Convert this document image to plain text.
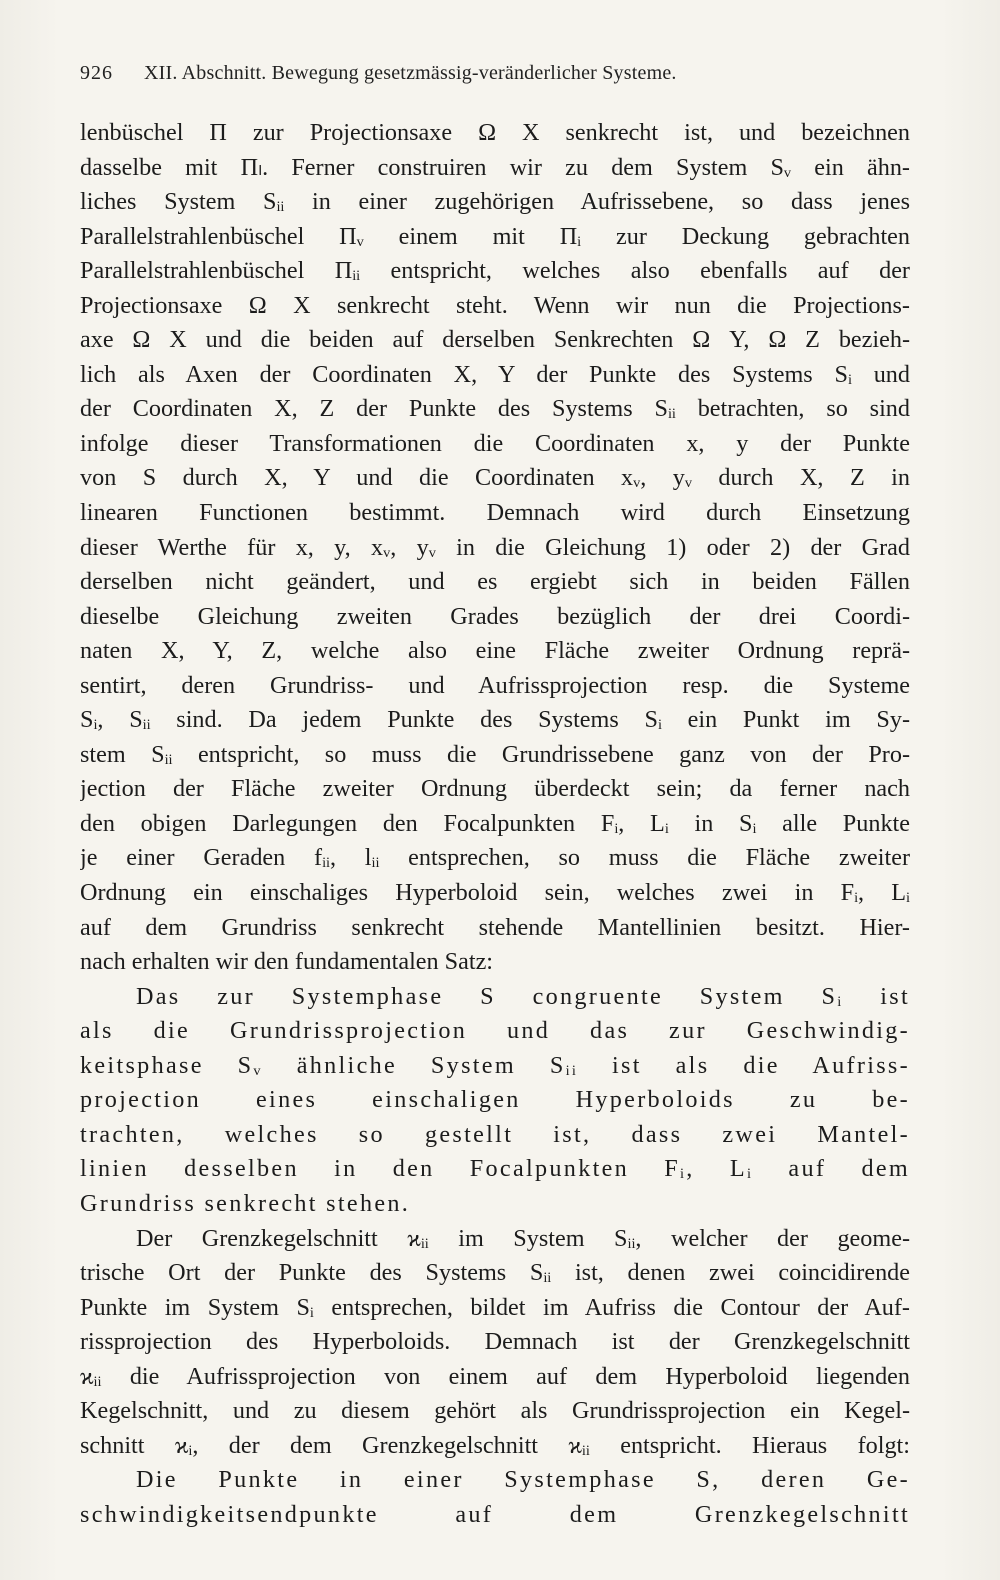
926 XII. Abschnitt. Bewegung gesetzmässig-veränderlicher Systeme.
lenbüschel Π zur Projectionsaxe Ω X senkrecht ist, und bezeichnen
dasselbe mit Πₗ. Ferner construiren wir zu dem System Sᵥ ein ähn-
liches System Sᵢᵢ in einer zugehörigen Aufrissebene, so dass jenes
Parallelstrahlenbüschel Πᵥ einem mit Πᵢ zur Deckung gebrachten
Parallelstrahlenbüschel Πᵢᵢ entspricht, welches also ebenfalls auf der
Projectionsaxe Ω X senkrecht steht. Wenn wir nun die Projections-
axe Ω X und die beiden auf derselben Senkrechten Ω Y, Ω Z bezieh-
lich als Axen der Coordinaten X, Y der Punkte des Systems Sᵢ und
der Coordinaten X, Z der Punkte des Systems Sᵢᵢ betrachten, so sind
infolge dieser Transformationen die Coordinaten x, y der Punkte
von S durch X, Y und die Coordinaten xᵥ, yᵥ durch X, Z in
linearen Functionen bestimmt. Demnach wird durch Einsetzung
dieser Werthe für x, y, xᵥ, yᵥ in die Gleichung 1) oder 2) der Grad
derselben nicht geändert, und es ergiebt sich in beiden Fällen
dieselbe Gleichung zweiten Grades bezüglich der drei Coordi-
naten X, Y, Z, welche also eine Fläche zweiter Ordnung reprä-
sentirt, deren Grundriss- und Aufrissprojection resp. die Systeme
Sᵢ, Sᵢᵢ sind. Da jedem Punkte des Systems Sᵢ ein Punkt im Sy-
stem Sᵢᵢ entspricht, so muss die Grundrissebene ganz von der Pro-
jection der Fläche zweiter Ordnung überdeckt sein; da ferner nach
den obigen Darlegungen den Focalpunkten Fᵢ, Lᵢ in Sᵢ alle Punkte
je einer Geraden fᵢᵢ, lᵢᵢ entsprechen, so muss die Fläche zweiter
Ordnung ein einschaliges Hyperboloid sein, welches zwei in Fᵢ, Lᵢ
auf dem Grundriss senkrecht stehende Mantellinien besitzt. Hier-
nach erhalten wir den fundamentalen Satz:
Das zur Systemphase S congruente System Sᵢ ist
als die Grundrissprojection und das zur Geschwindig-
keitsphase Sᵥ ähnliche System Sᵢᵢ ist als die Aufriss-
projection eines einschaligen Hyperboloids zu be-
trachten, welches so gestellt ist, dass zwei Mantel-
linien desselben in den Focalpunkten Fᵢ, Lᵢ auf dem
Grundriss senkrecht stehen.
Der Grenzkegelschnitt ϰᵢᵢ im System Sᵢᵢ, welcher der geome-
trische Ort der Punkte des Systems Sᵢᵢ ist, denen zwei coincidirende
Punkte im System Sᵢ entsprechen, bildet im Aufriss die Contour der Auf-
rissprojection des Hyperboloids. Demnach ist der Grenzkegelschnitt
ϰᵢᵢ die Aufrissprojection von einem auf dem Hyperboloid liegenden
Kegelschnitt, und zu diesem gehört als Grundrissprojection ein Kegel-
schnitt ϰᵢ, der dem Grenzkegelschnitt ϰᵢᵢ entspricht. Hieraus folgt:
Die Punkte in einer Systemphase S, deren Ge-
schwindigkeitsendpunkte auf dem Grenzkegelschnitt
